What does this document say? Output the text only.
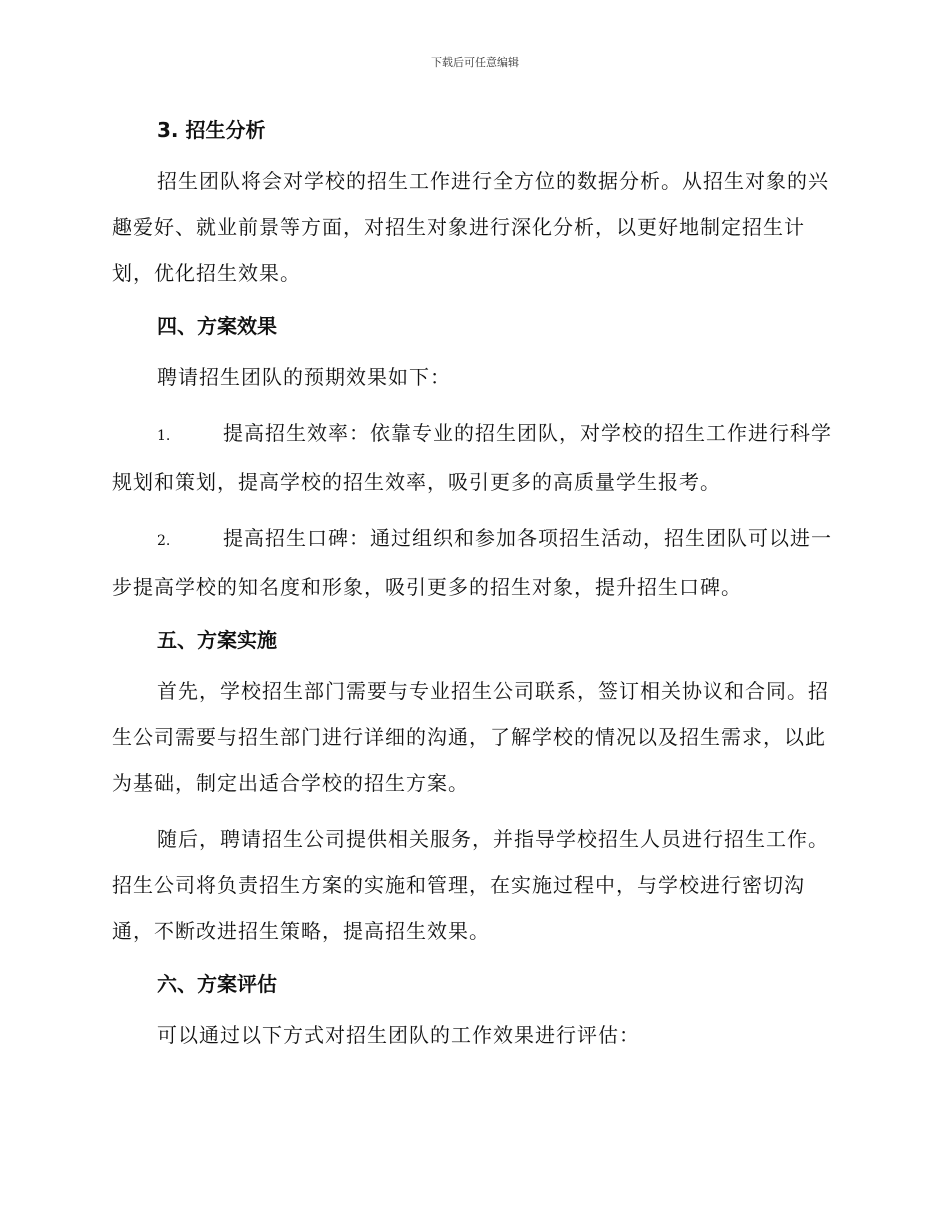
下载后可任意编辑
3. 招生分析

招生团队将会对学校的招生工作进行全方位的数据分析。从招生对象的兴趣爱好、就业前景等方面，对招生对象进行深化分析，以更好地制定招生计划，优化招生效果。

四、方案效果

聘请招生团队的预期效果如下：

1.	提高招生效率：依靠专业的招生团队，对学校的招生工作进行科学规划和策划，提高学校的招生效率，吸引更多的高质量学生报考。

2.	提高招生口碑：通过组织和参加各项招生活动，招生团队可以进一步提高学校的知名度和形象，吸引更多的招生对象，提升招生口碑。

五、方案实施

首先，学校招生部门需要与专业招生公司联系，签订相关协议和合同。招生公司需要与招生部门进行详细的沟通，了解学校的情况以及招生需求，以此为基础，制定出适合学校的招生方案。

随后，聘请招生公司提供相关服务，并指导学校招生人员进行招生工作。招生公司将负责招生方案的实施和管理，在实施过程中，与学校进行密切沟通，不断改进招生策略，提高招生效果。

六、方案评估

可以通过以下方式对招生团队的工作效果进行评估：
